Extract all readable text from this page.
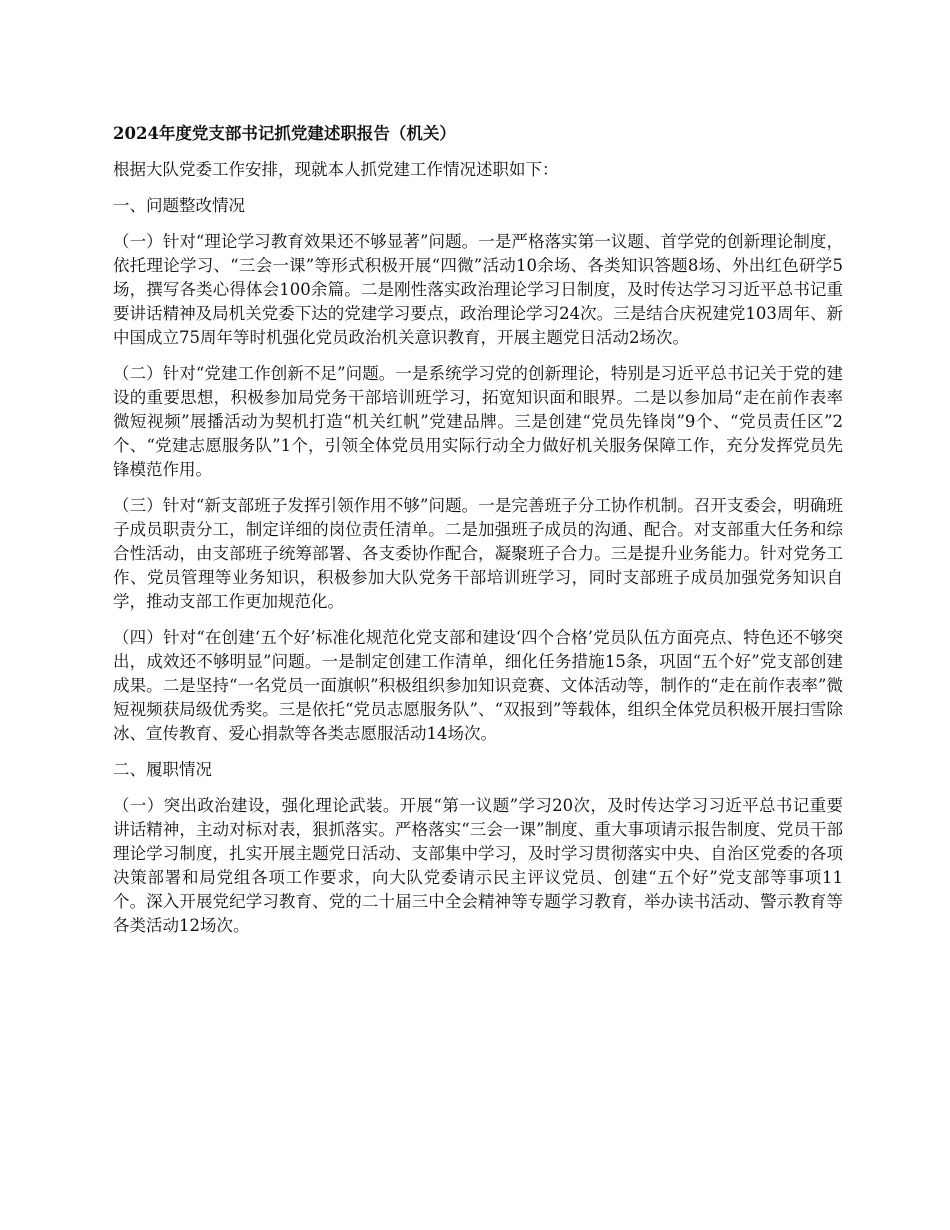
2024年度党支部书记抓党建述职报告（机关）

根据大队党委工作安排，现就本人抓党建工作情况述职如下：

一、问题整改情况

（一）针对“理论学习教育效果还不够显著”问题。一是严格落实第一议题、首学党的创新理论制度，依托理论学习、“三会一课”等形式积极开展“四微”活动10余场、各类知识答题8场、外出红色研学5场，撰写各类心得体会100余篇。二是刚性落实政治理论学习日制度，及时传达学习习近平总书记重要讲话精神及局机关党委下达的党建学习要点，政治理论学习24次。三是结合庆祝建党103周年、新中国成立75周年等时机强化党员政治机关意识教育，开展主题党日活动2场次。

（二）针对“党建工作创新不足”问题。一是系统学习党的创新理论，特别是习近平总书记关于党的建设的重要思想，积极参加局党务干部培训班学习，拓宽知识面和眼界。二是以参加局“走在前作表率微短视频”展播活动为契机打造“机关红帆”党建品牌。三是创建“党员先锋岗”9个、“党员责任区”2个、“党建志愿服务队”1个，引领全体党员用实际行动全力做好机关服务保障工作，充分发挥党员先锋模范作用。

（三）针对“新支部班子发挥引领作用不够”问题。一是完善班子分工协作机制。召开支委会，明确班子成员职责分工，制定详细的岗位责任清单。二是加强班子成员的沟通、配合。对支部重大任务和综合性活动，由支部班子统筹部署、各支委协作配合，凝聚班子合力。三是提升业务能力。针对党务工作、党员管理等业务知识，积极参加大队党务干部培训班学习，同时支部班子成员加强党务知识自学，推动支部工作更加规范化。

（四）针对“在创建‘五个好’标准化规范化党支部和建设‘四个合格’党员队伍方面亮点、特色还不够突出，成效还不够明显”问题。一是制定创建工作清单，细化任务措施15条，巩固“五个好”党支部创建成果。二是坚持“一名党员一面旗帜”积极组织参加知识竞赛、文体活动等，制作的“走在前作表率”微短视频获局级优秀奖。三是依托“党员志愿服务队”、“双报到”等载体，组织全体党员积极开展扫雪除冰、宣传教育、爱心捐款等各类志愿服活动14场次。

二、履职情况

（一）突出政治建设，强化理论武装。开展“第一议题”学习20次，及时传达学习习近平总书记重要讲话精神，主动对标对表，狠抓落实。严格落实“三会一课”制度、重大事项请示报告制度、党员干部理论学习制度，扎实开展主题党日活动、支部集中学习，及时学习贯彻落实中央、自治区党委的各项决策部署和局党组各项工作要求，向大队党委请示民主评议党员、创建“五个好”党支部等事项11个。深入开展党纪学习教育、党的二十届三中全会精神等专题学习教育，举办读书活动、警示教育等各类活动12场次。
